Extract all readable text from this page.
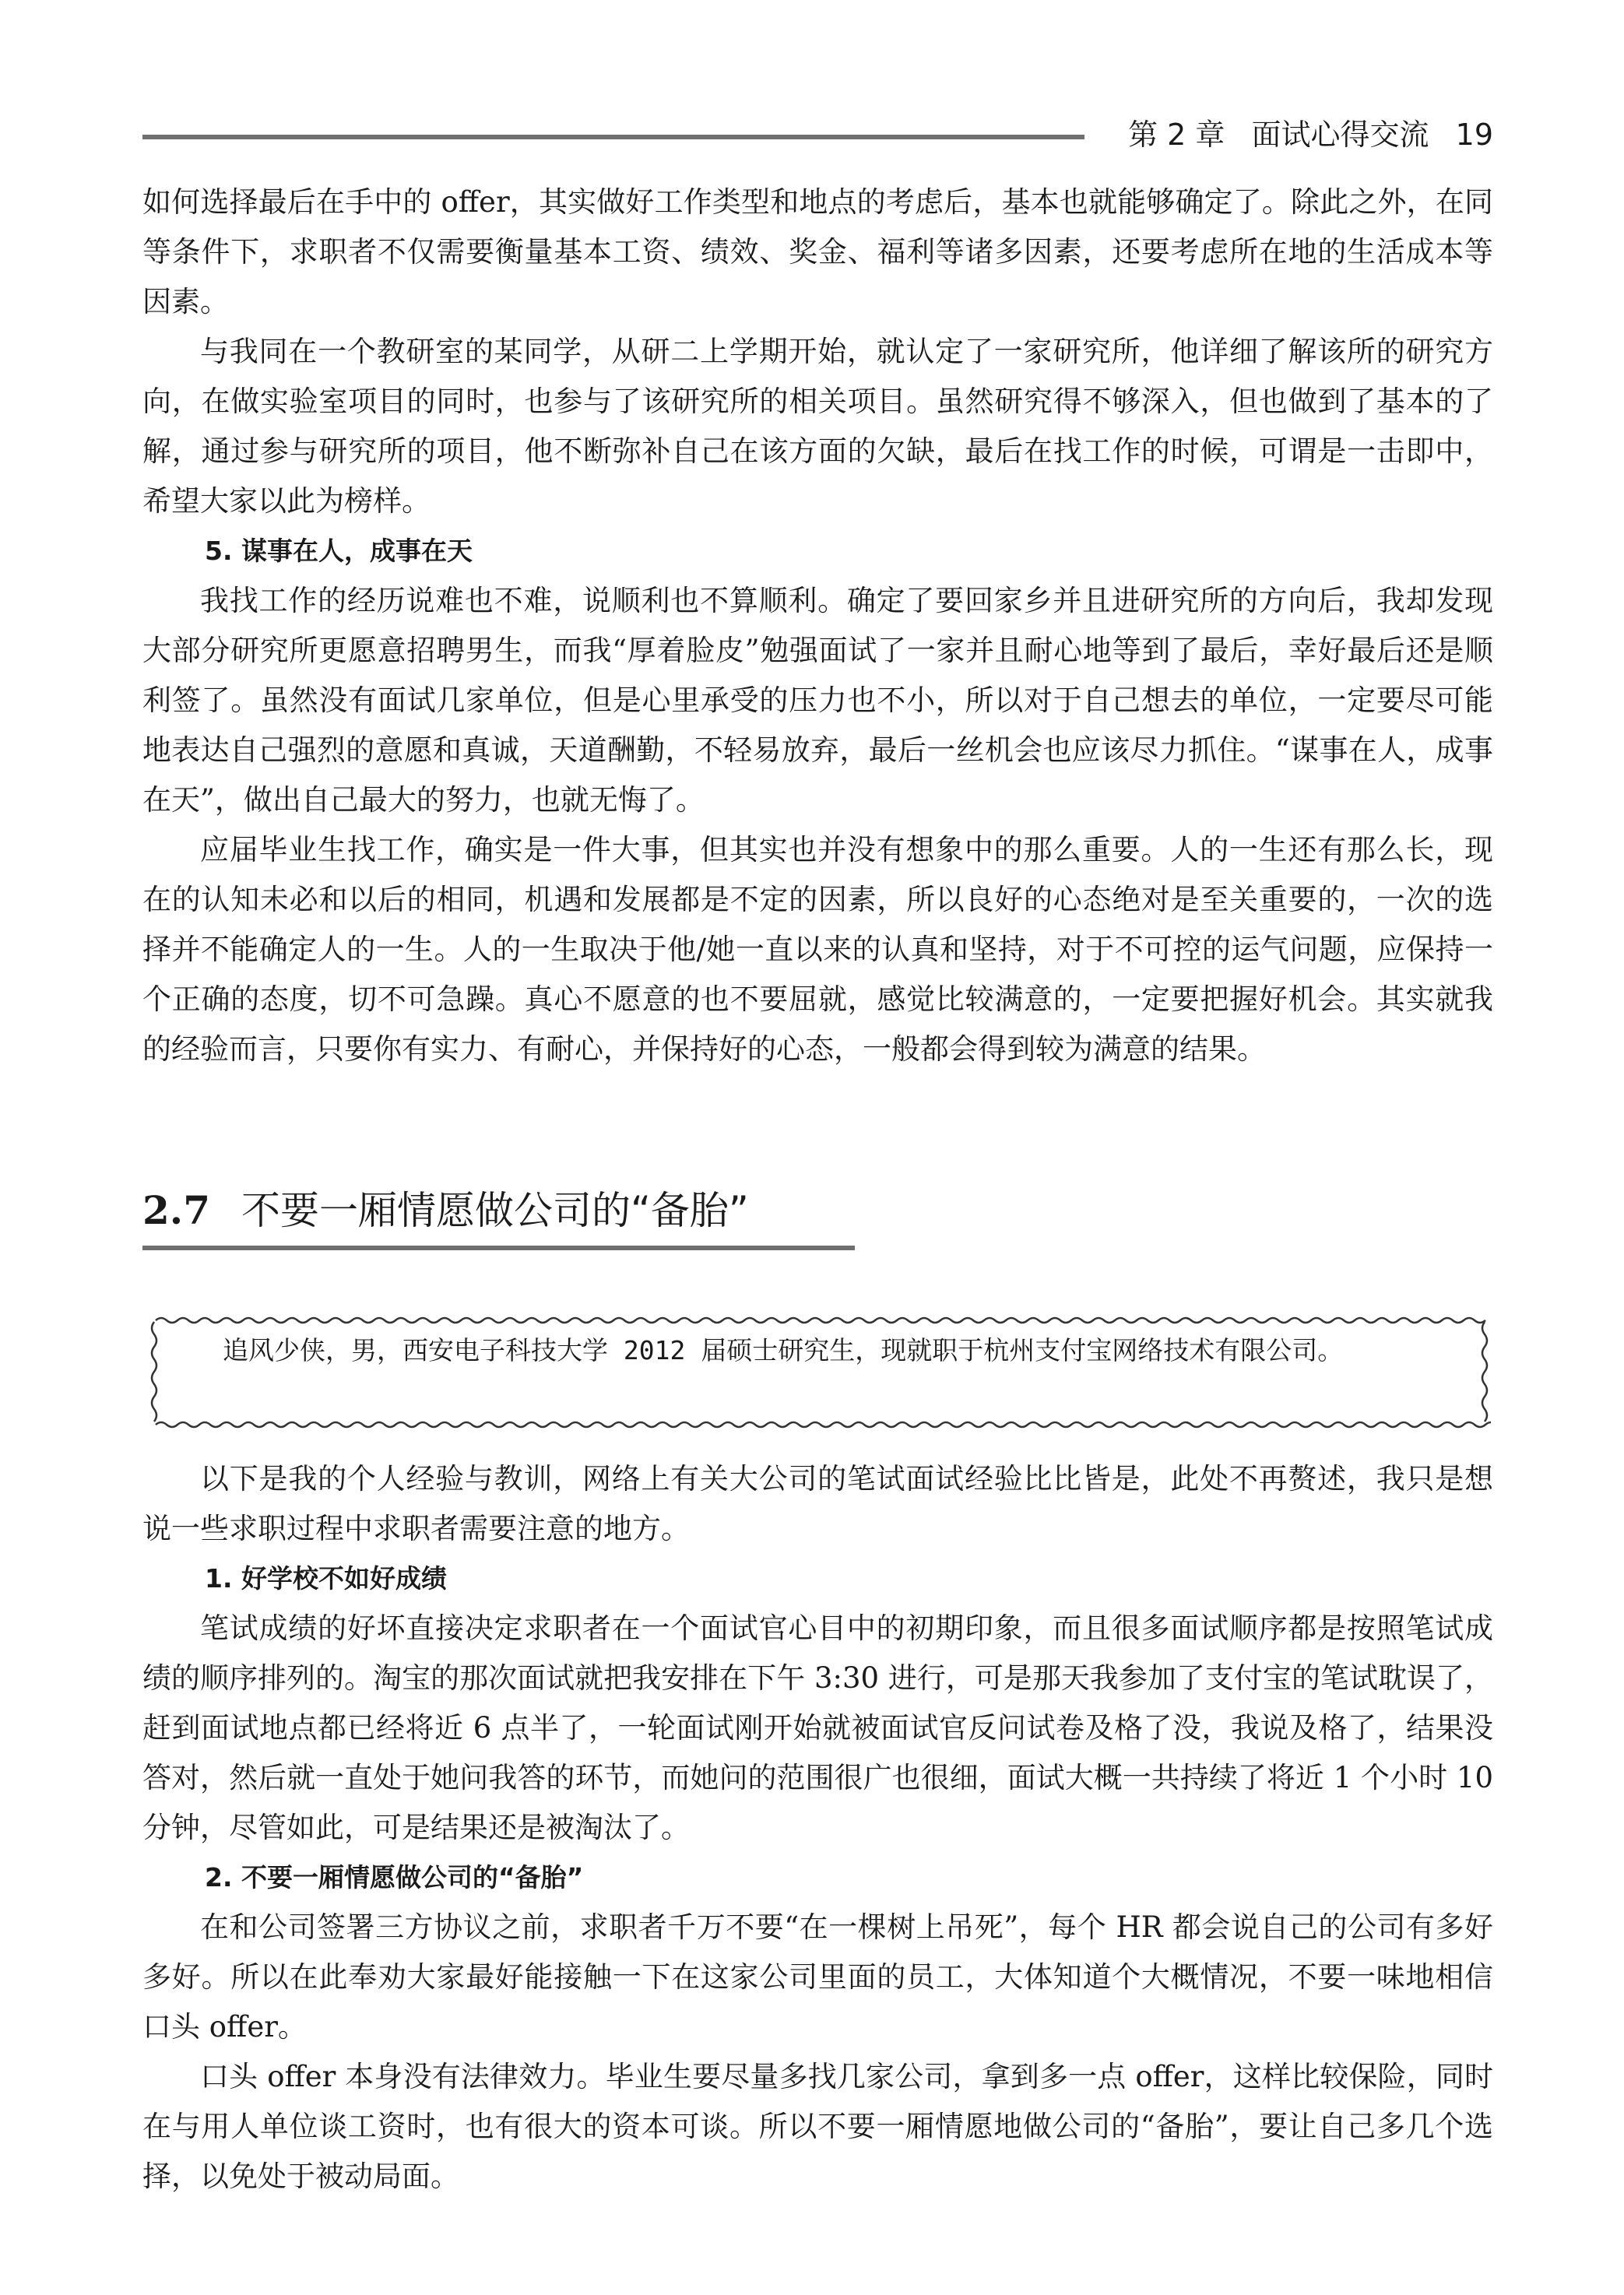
第 2 章 面试心得交流 19

如何选择最后在手中的 offer，其实做好工作类型和地点的考虑后，基本也就能够确定了。除此之外，在同等条件下，求职者不仅需要衡量基本工资、绩效、奖金、福利等诸多因素，还要考虑所在地的生活成本等因素。

与我同在一个教研室的某同学，从研二上学期开始，就认定了一家研究所，他详细了解该所的研究方向，在做实验室项目的同时，也参与了该研究所的相关项目。虽然研究得不够深入，但也做到了基本的了解，通过参与研究所的项目，他不断弥补自己在该方面的欠缺，最后在找工作的时候，可谓是一击即中，希望大家以此为榜样。

5. 谋事在人，成事在天

我找工作的经历说难也不难，说顺利也不算顺利。确定了要回家乡并且进研究所的方向后，我却发现大部分研究所更愿意招聘男生，而我“厚着脸皮”勉强面试了一家并且耐心地等到了最后，幸好最后还是顺利签了。虽然没有面试几家单位，但是心里承受的压力也不小，所以对于自己想去的单位，一定要尽可能地表达自己强烈的意愿和真诚，天道酬勤，不轻易放弃，最后一丝机会也应该尽力抓住。“谋事在人，成事在天”，做出自己最大的努力，也就无悔了。

应届毕业生找工作，确实是一件大事，但其实也并没有想象中的那么重要。人的一生还有那么长，现在的认知未必和以后的相同，机遇和发展都是不定的因素，所以良好的心态绝对是至关重要的，一次的选择并不能确定人的一生。人的一生取决于他/她一直以来的认真和坚持，对于不可控的运气问题，应保持一个正确的态度，切不可急躁。真心不愿意的也不要屈就，感觉比较满意的，一定要把握好机会。其实就我的经验而言，只要你有实力、有耐心，并保持好的心态，一般都会得到较为满意的结果。

2.7 不要一厢情愿做公司的“备胎”
追风少侠，男，西安电子科技大学 2012 届硕士研究生，现就职于杭州支付宝网络技术有限公司。

以下是我的个人经验与教训，网络上有关大公司的笔试面试经验比比皆是，此处不再赘述，我只是想说一些求职过程中求职者需要注意的地方。

1. 好学校不如好成绩

笔试成绩的好坏直接决定求职者在一个面试官心目中的初期印象，而且很多面试顺序都是按照笔试成绩的顺序排列的。淘宝的那次面试就把我安排在下午 3:30 进行，可是那天我参加了支付宝的笔试耽误了，赶到面试地点都已经将近 6 点半了，一轮面试刚开始就被面试官反问试卷及格了没，我说及格了，结果没答对，然后就一直处于她问我答的环节，而她问的范围很广也很细，面试大概一共持续了将近 1 个小时 10 分钟，尽管如此，可是结果还是被淘汰了。

2. 不要一厢情愿做公司的“备胎”

在和公司签署三方协议之前，求职者千万不要“在一棵树上吊死”，每个 HR 都会说自己的公司有多好多好。所以在此奉劝大家最好能接触一下在这家公司里面的员工，大体知道个大概情况，不要一味地相信口头 offer。

口头 offer 本身没有法律效力。毕业生要尽量多找几家公司，拿到多一点 offer，这样比较保险，同时在与用人单位谈工资时，也有很大的资本可谈。所以不要一厢情愿地做公司的“备胎”，要让自己多几个选择，以免处于被动局面。
